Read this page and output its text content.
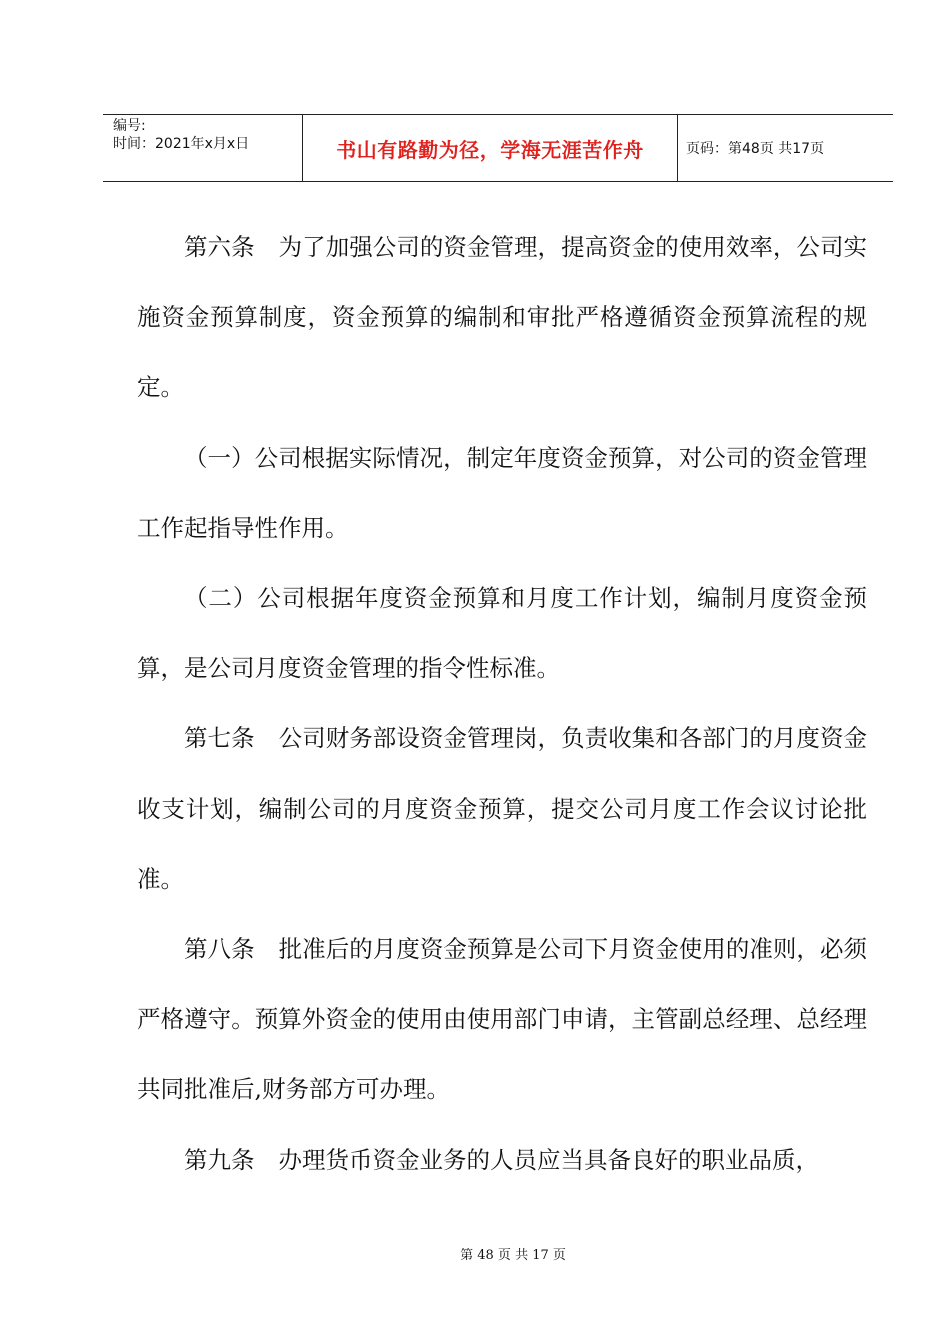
编号:
时间：2021年x月x日	书山有路勤为径，学海无涯苦作舟	页码：第48页 共17页

第六条 为了加强公司的资金管理，提高资金的使用效率，公司实施资金预算制度，资金预算的编制和审批严格遵循资金预算流程的规定。

（一）公司根据实际情况，制定年度资金预算，对公司的资金管理工作起指导性作用。

（二）公司根据年度资金预算和月度工作计划，编制月度资金预算，是公司月度资金管理的指令性标准。

第七条 公司财务部设资金管理岗，负责收集和各部门的月度资金收支计划，编制公司的月度资金预算，提交公司月度工作会议讨论批准。

第八条 批准后的月度资金预算是公司下月资金使用的准则，必须严格遵守。预算外资金的使用由使用部门申请，主管副总经理、总经理共同批准后,财务部方可办理。

第九条 办理货币资金业务的人员应当具备良好的职业品质，

第 48 页 共 17 页
